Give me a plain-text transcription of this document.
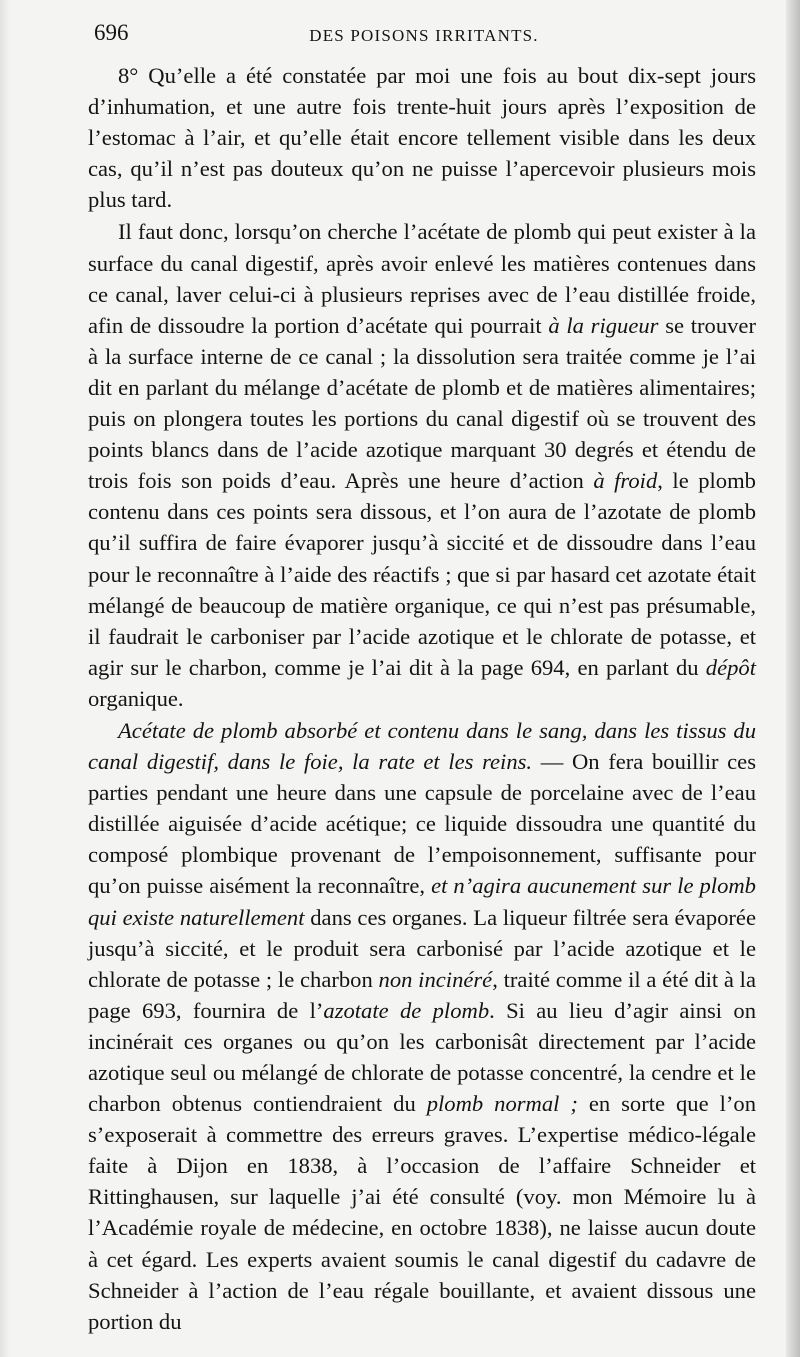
696	DES POISONS IRRITANTS.

8° Qu’elle a été constatée par moi une fois au bout dix-sept jours d’inhumation, et une autre fois trente-huit jours après l’exposition de l’estomac à l’air, et qu’elle était encore tellement visible dans les deux cas, qu’il n’est pas douteux qu’on ne puisse l’apercevoir plusieurs mois plus tard.

Il faut donc, lorsqu’on cherche l’acétate de plomb qui peut exister à la surface du canal digestif, après avoir enlevé les matières contenues dans ce canal, laver celui-ci à plusieurs reprises avec de l’eau distillée froide, afin de dissoudre la portion d’acétate qui pourrait à la rigueur se trouver à la surface interne de ce canal ; la dissolution sera traitée comme je l’ai dit en parlant du mélange d’acétate de plomb et de matières alimentaires; puis on plongera toutes les portions du canal digestif où se trouvent des points blancs dans de l’acide azotique marquant 30 degrés et étendu de trois fois son poids d’eau. Après une heure d’action à froid, le plomb contenu dans ces points sera dissous, et l’on aura de l’azotate de plomb qu’il suffira de faire évaporer jusqu’à siccité et de dissoudre dans l’eau pour le reconnaître à l’aide des réactifs ; que si par hasard cet azotate était mélangé de beaucoup de matière organique, ce qui n’est pas présumable, il faudrait le carboniser par l’acide azotique et le chlorate de potasse, et agir sur le charbon, comme je l’ai dit à la page 694, en parlant du dépôt organique.

Acétate de plomb absorbé et contenu dans le sang, dans les tissus du canal digestif, dans le foie, la rate et les reins. — On fera bouillir ces parties pendant une heure dans une capsule de porcelaine avec de l’eau distillée aiguisée d’acide acétique; ce liquide dissoudra une quantité du composé plombique provenant de l’empoisonnement, suffisante pour qu’on puisse aisément la reconnaître, et n’agira aucunement sur le plomb qui existe naturellement dans ces organes. La liqueur filtrée sera évaporée jusqu’à siccité, et le produit sera carbonisé par l’acide azotique et le chlorate de potasse ; le charbon non incinéré, traité comme il a été dit à la page 693, fournira de l’azotate de plomb. Si au lieu d’agir ainsi on incinérait ces organes ou qu’on les carbonisât directement par l’acide azotique seul ou mélangé de chlorate de potasse concentré, la cendre et le charbon obtenus contiendraient du plomb normal ; en sorte que l’on s’exposerait à commettre des erreurs graves. L’expertise médico-légale faite à Dijon en 1838, à l’occasion de l’affaire Schneider et Rittinghausen, sur laquelle j’ai été consulté (voy. mon Mémoire lu à l’Académie royale de médecine, en octobre 1838), ne laisse aucun doute à cet égard. Les experts avaient soumis le canal digestif du cadavre de Schneider à l’action de l’eau régale bouillante, et avaient dissous une portion du
